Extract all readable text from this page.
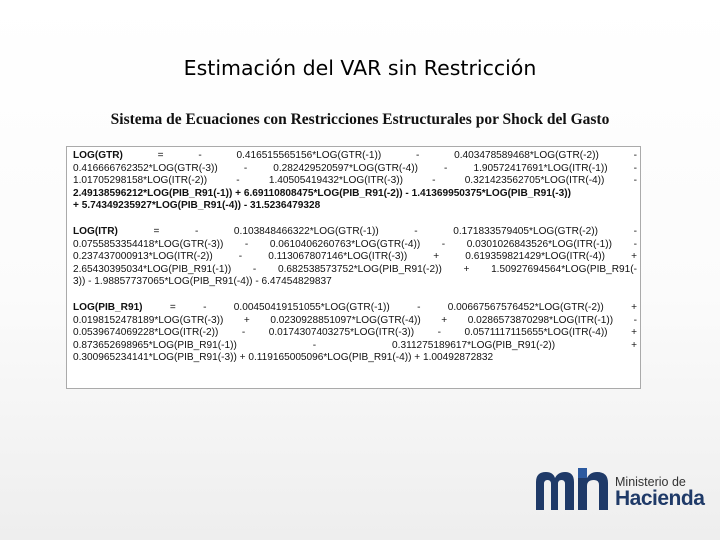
Estimación del VAR sin Restricción
Sistema de Ecuaciones con Restricciones Estructurales por Shock del Gasto
LOG(GTR)	=	-	0.416515565156*LOG(GTR(-1))	-	0.403478589468*LOG(GTR(-2))	-
0.416666762352*LOG(GTR(-3))	-	0.282429520597*LOG(GTR(-4))	-	1.90572417691*LOG(ITR(-1))	-
1.01705298158*LOG(ITR(-2))	-	1.40505419432*LOG(ITR(-3))	-	0.321423562705*LOG(ITR(-4))	-
2.49138596212*LOG(PIB_R91(-1)) + 6.69110808475*LOG(PIB_R91(-2)) - 1.41369950375*LOG(PIB_R91(-3))
+ 5.74349235927*LOG(PIB_R91(-4)) - 31.5236479328
LOG(ITR)	=	-	0.103848466322*LOG(GTR(-1))	-	0.171833579405*LOG(GTR(-2))	-
0.0755853354418*LOG(GTR(-3)) - 0.0610406260763*LOG(GTR(-4)) - 0.0301026843526*LOG(ITR(-1)) -
0.237437000913*LOG(ITR(-2))	-	0.113067807146*LOG(ITR(-3))	+	0.619359821429*LOG(ITR(-4))	+
2.65430395034*LOG(PIB_R91(-1)) - 0.682538573752*LOG(PIB_R91(-2)) + 1.50927694564*LOG(PIB_R91(-
3)) - 1.98857737065*LOG(PIB_R91(-4)) - 6.47454829837
LOG(PIB_R91)	=	-	0.00450419151055*LOG(GTR(-1))	-	0.00667567576452*LOG(GTR(-2))	+
0.0198152478189*LOG(GTR(-3)) + 0.0230928851097*LOG(GTR(-4)) + 0.0286573870298*LOG(ITR(-1)) -
0.0539674069228*LOG(ITR(-2)) - 0.0174307403275*LOG(ITR(-3)) - 0.0571117115655*LOG(ITR(-4)) +
0.873652698965*LOG(PIB_R91(-1))	-	0.311275189617*LOG(PIB_R91(-2))	+
0.300965234141*LOG(PIB_R91(-3)) + 0.119165005096*LOG(PIB_R91(-4)) + 1.00492872832
Ministerio de
Hacienda
